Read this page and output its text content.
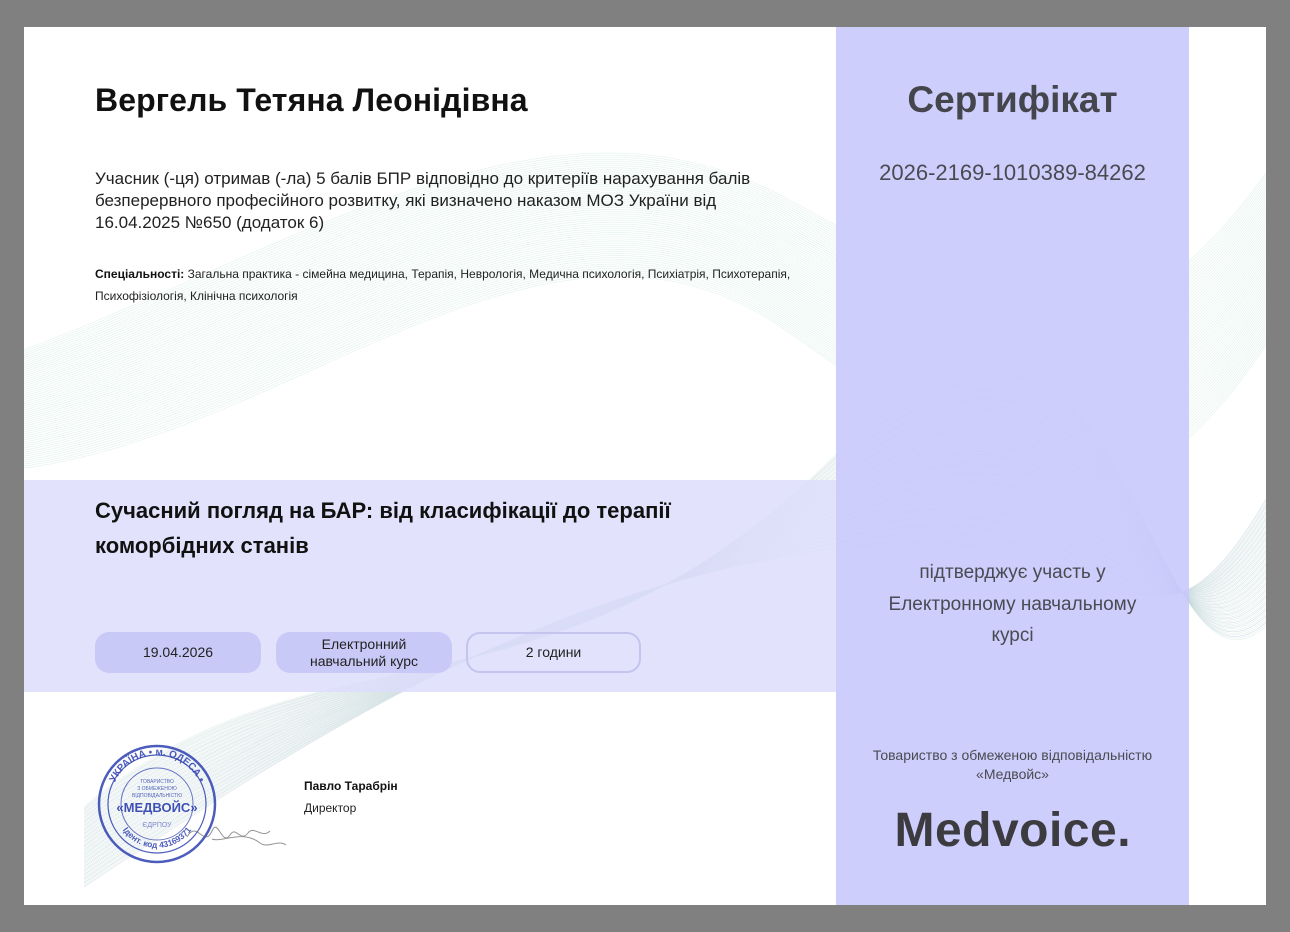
Вергель Тетяна Леонідівна

Учасник (-ця) отримав (-ла) 5 балів БПР відповідно до критеріїв нарахування балів безперервного професійного розвитку, які визначено наказом МОЗ України від 16.04.2025 №650 (додаток 6)

Спеціальності: Загальна практика - сімейна медицина, Терапія, Неврологія, Медична психологія, Психіатрія, Психотерапія, Психофізіологія, Клінічна психологія

Сучасний погляд на БАР: від класифікації до терапії коморбідних станів
19.04.2026
Електронний навчальний курс
2 години
УКРАЇНА • м. ОДЕСА •
Ідент. код 43169371
ТОВАРИСТВО
З ОБМЕЖЕНОЮ
ВІДПОВІДАЛЬНІСТЮ
«МЕДВОЙС»
ЄДРПОУ

Павло Тарабрін

Директор

Сертифікат

2026-2169-1010389-84262

підтверджує участь у Електронному навчальному курсі

Товариство з обмеженою відповідальністю «Медвойс»

Medvoice .
